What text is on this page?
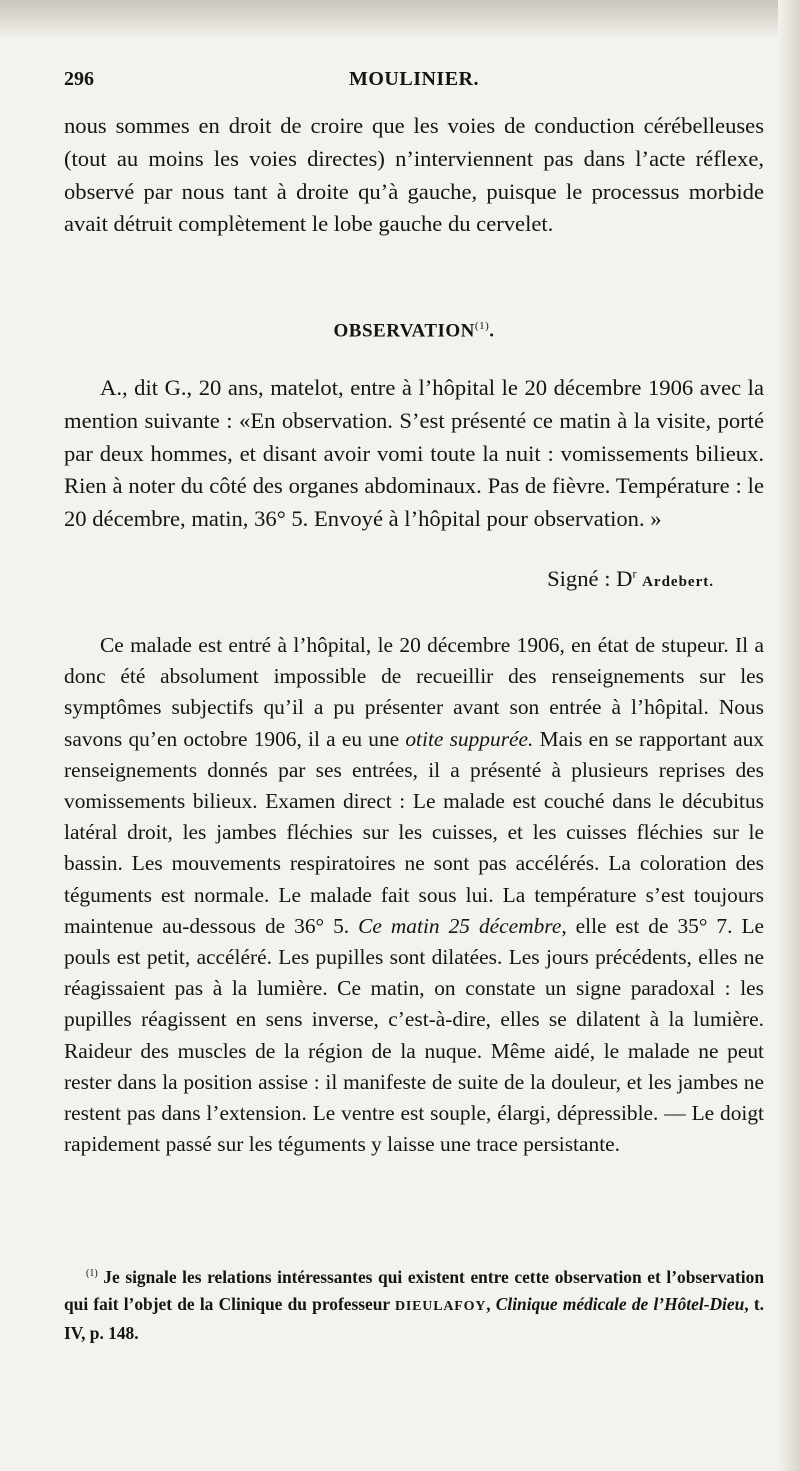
296	MOULINIER.

nous sommes en droit de croire que les voies de conduction cérébelleuses (tout au moins les voies directes) n’interviennent pas dans l’acte réflexe, observé par nous tant à droite qu’à gauche, puisque le processus morbide avait détruit complètement le lobe gauche du cervelet.

OBSERVATION$^{(1)}$.

A., dit G., 20 ans, matelot, entre à l’hôpital le 20 décembre 1906 avec la mention suivante : «En observation. S’est présenté ce matin à la visite, porté par deux hommes, et disant avoir vomi toute la nuit : vomissements bilieux. Rien à noter du côté des organes abdominaux. Pas de fièvre. Température : le 20 décembre, matin, 36° 5. Envoyé à l’hôpital pour observation. »

Signé : $D^r$ Ardebert.

Ce malade est entré à l’hôpital, le 20 décembre 1906, en état de stupeur. Il a donc été absolument impossible de recueillir des renseignements sur les symptômes subjectifs qu’il a pu présenter avant son entrée à l’hôpital. Nous savons qu’en octobre 1906, il a eu une otite suppurée. Mais en se rapportant aux renseignements donnés par ses entrées, il a présenté à plusieurs reprises des vomissements bilieux. Examen direct : Le malade est couché dans le décubitus latéral droit, les jambes fléchies sur les cuisses, et les cuisses fléchies sur le bassin. Les mouvements respiratoires ne sont pas accélérés. La coloration des téguments est normale. Le malade fait sous lui. La température s’est toujours maintenue au-dessous de 36° 5. Ce matin 25 décembre, elle est de 35° 7. Le pouls est petit, accéléré. Les pupilles sont dilatées. Les jours précédents, elles ne réagissaient pas à la lumière. Ce matin, on constate un signe paradoxal : les pupilles réagissent en sens inverse, c’est-à-dire, elles se dilatent à la lumière. Raideur des muscles de la région de la nuque. Même aidé, le malade ne peut rester dans la position assise : il manifeste de suite de la douleur, et les jambes ne restent pas dans l’extension. Le ventre est souple, élargi, dépressible. — Le doigt rapidement passé sur les téguments y laisse une trace persistante.

$^{(1)}$ Je signale les relations intéressantes qui existent entre cette observation et l’observation qui fait l’objet de la Clinique du professeur DIEULAFOY, Clinique médicale de l’Hôtel-Dieu, t. IV, p. 148.
